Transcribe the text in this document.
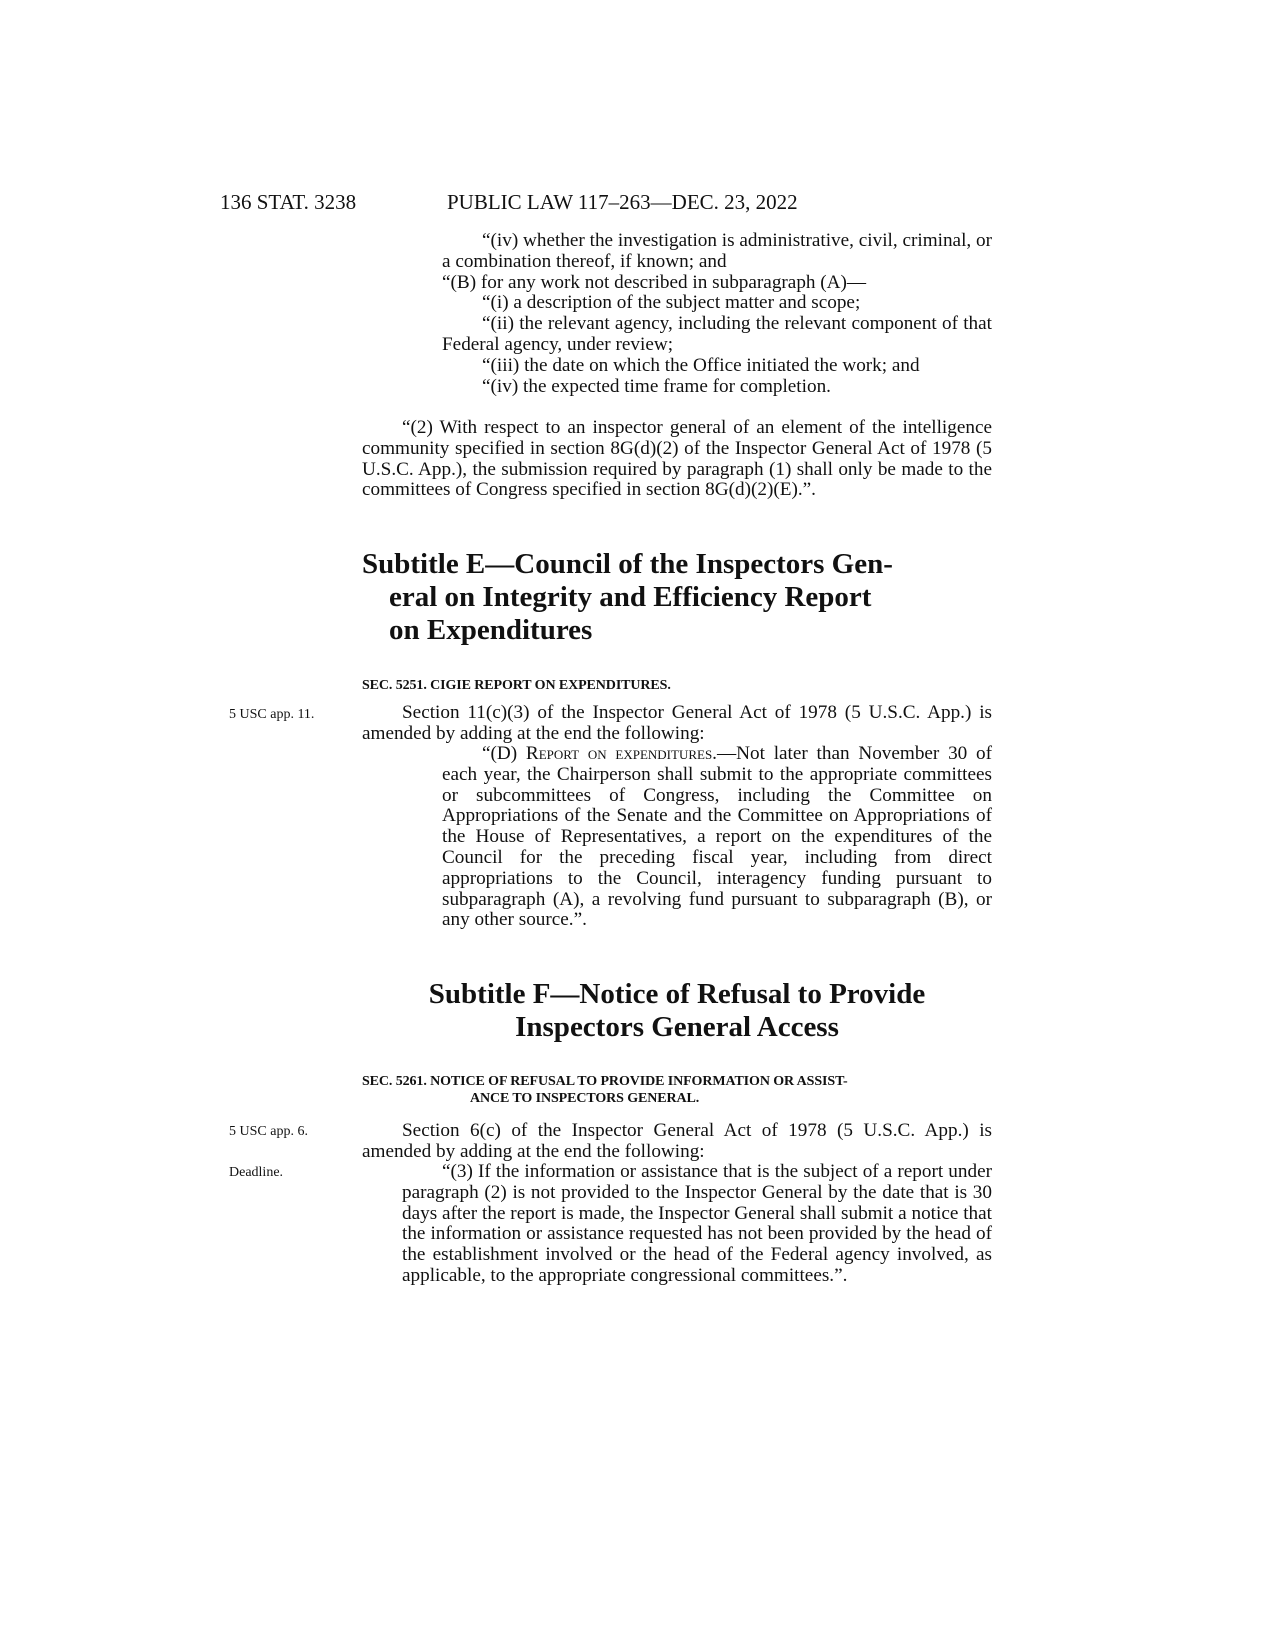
136 STAT. 3238	PUBLIC LAW 117–263—DEC. 23, 2022

“(iv) whether the investigation is administrative, civil, criminal, or a combination thereof, if known; and

“(B) for any work not described in subparagraph (A)—

“(i) a description of the subject matter and scope;

“(ii) the relevant agency, including the relevant component of that Federal agency, under review;

“(iii) the date on which the Office initiated the work; and

“(iv) the expected time frame for completion.

“(2) With respect to an inspector general of an element of the intelligence community specified in section 8G(d)(2) of the Inspector General Act of 1978 (5 U.S.C. App.), the submission required by paragraph (1) shall only be made to the committees of Congress specified in section 8G(d)(2)(E).”.

Subtitle E—Council of the Inspectors Gen-
eral on Integrity and Efficiency Report
on Expenditures
SEC. 5251. CIGIE REPORT ON EXPENDITURES.
5 USC app. 11.	Section 11(c)(3) of the Inspector General Act of 1978 (5 U.S.C. App.) is amended by adding at the end the following:

“(D) Report on expenditures.—Not later than November 30 of each year, the Chairperson shall submit to the appropriate committees or subcommittees of Congress, including the Committee on Appropriations of the Senate and the Committee on Appropriations of the House of Representatives, a report on the expenditures of the Council for the preceding fiscal year, including from direct appropriations to the Council, interagency funding pursuant to subparagraph (A), a revolving fund pursuant to subparagraph (B), or any other source.”.

Subtitle F—Notice of Refusal to Provide
Inspectors General Access
SEC. 5261. NOTICE OF REFUSAL TO PROVIDE INFORMATION OR ASSIST-
ANCE TO INSPECTORS GENERAL.
5 USC app. 6.
Deadline.

Section 6(c) of the Inspector General Act of 1978 (5 U.S.C. App.) is amended by adding at the end the following:

“(3) If the information or assistance that is the subject of a report under paragraph (2) is not provided to the Inspector General by the date that is 30 days after the report is made, the Inspector General shall submit a notice that the information or assistance requested has not been provided by the head of the establishment involved or the head of the Federal agency involved, as applicable, to the appropriate congressional committees.”.
